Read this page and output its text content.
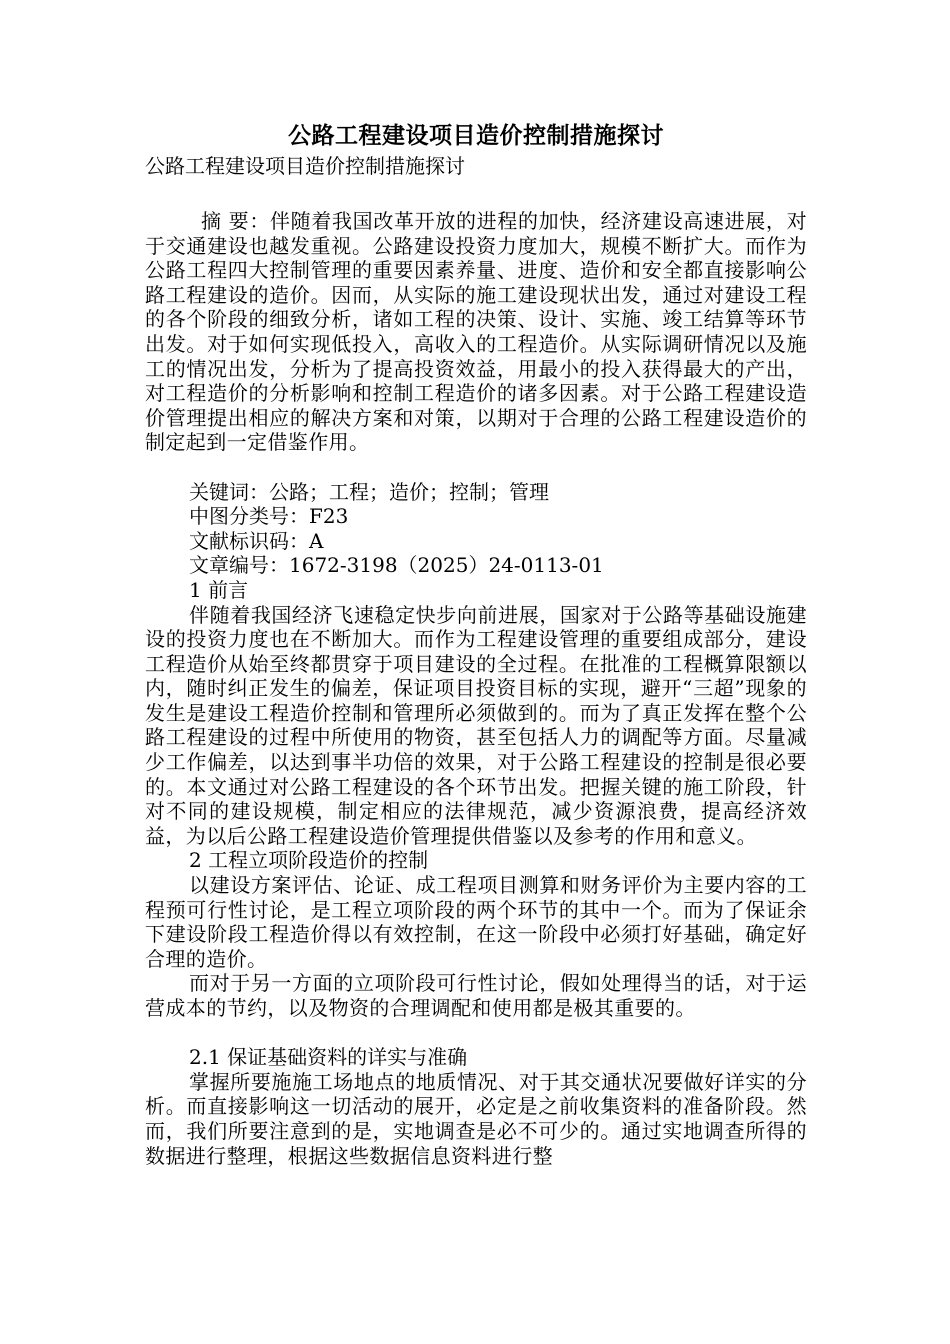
公路工程建设项目造价控制措施探讨

公路工程建设项目造价控制措施探讨

摘 要：伴随着我国改革开放的进程的加快，经济建设高速进展，对于交通建设也越发重视。公路建设投资力度加大，规模不断扩大。而作为公路工程四大控制管理的重要因素养量、进度、造价和安全都直接影响公路工程建设的造价。因而，从实际的施工建设现状出发，通过对建设工程的各个阶段的细致分析，诸如工程的决策、设计、实施、竣工结算等环节出发。对于如何实现低投入，高收入的工程造价。从实际调研情况以及施工的情况出发，分析为了提高投资效益，用最小的投入获得最大的产出，对工程造价的分析影响和控制工程造价的诸多因素。对于公路工程建设造价管理提出相应的解决方案和对策，以期对于合理的公路工程建设造价的制定起到一定借鉴作用。

关键词：公路；工程；造价；控制；管理

中图分类号：F23

文献标识码：A

文章编号：1672-3198（2025）24-0113-01

1 前言

伴随着我国经济飞速稳定快步向前进展，国家对于公路等基础设施建设的投资力度也在不断加大。而作为工程建设管理的重要组成部分，建设工程造价从始至终都贯穿于项目建设的全过程。在批准的工程概算限额以内，随时纠正发生的偏差，保证项目投资目标的实现，避开“三超”现象的发生是建设工程造价控制和管理所必须做到的。而为了真正发挥在整个公路工程建设的过程中所使用的物资，甚至包括人力的调配等方面。尽量减少工作偏差，以达到事半功倍的效果，对于公路工程建设的控制是很必要的。本文通过对公路工程建设的各个环节出发。把握关键的施工阶段，针对不同的建设规模，制定相应的法律规范，减少资源浪费，提高经济效益，为以后公路工程建设造价管理提供借鉴以及参考的作用和意义。

2 工程立项阶段造价的控制

以建设方案评估、论证、成工程项目测算和财务评价为主要内容的工程预可行性讨论，是工程立项阶段的两个环节的其中一个。而为了保证余下建设阶段工程造价得以有效控制，在这一阶段中必须打好基础，确定好合理的造价。

而对于另一方面的立项阶段可行性讨论，假如处理得当的话，对于运营成本的节约，以及物资的合理调配和使用都是极其重要的。

2.1 保证基础资料的详实与准确

掌握所要施施工场地点的地质情况、对于其交通状况要做好详实的分析。而直接影响这一切活动的展开，必定是之前收集资料的准备阶段。然而，我们所要注意到的是，实地调查是必不可少的。通过实地调查所得的数据进行整理，根据这些数据信息资料进行整
